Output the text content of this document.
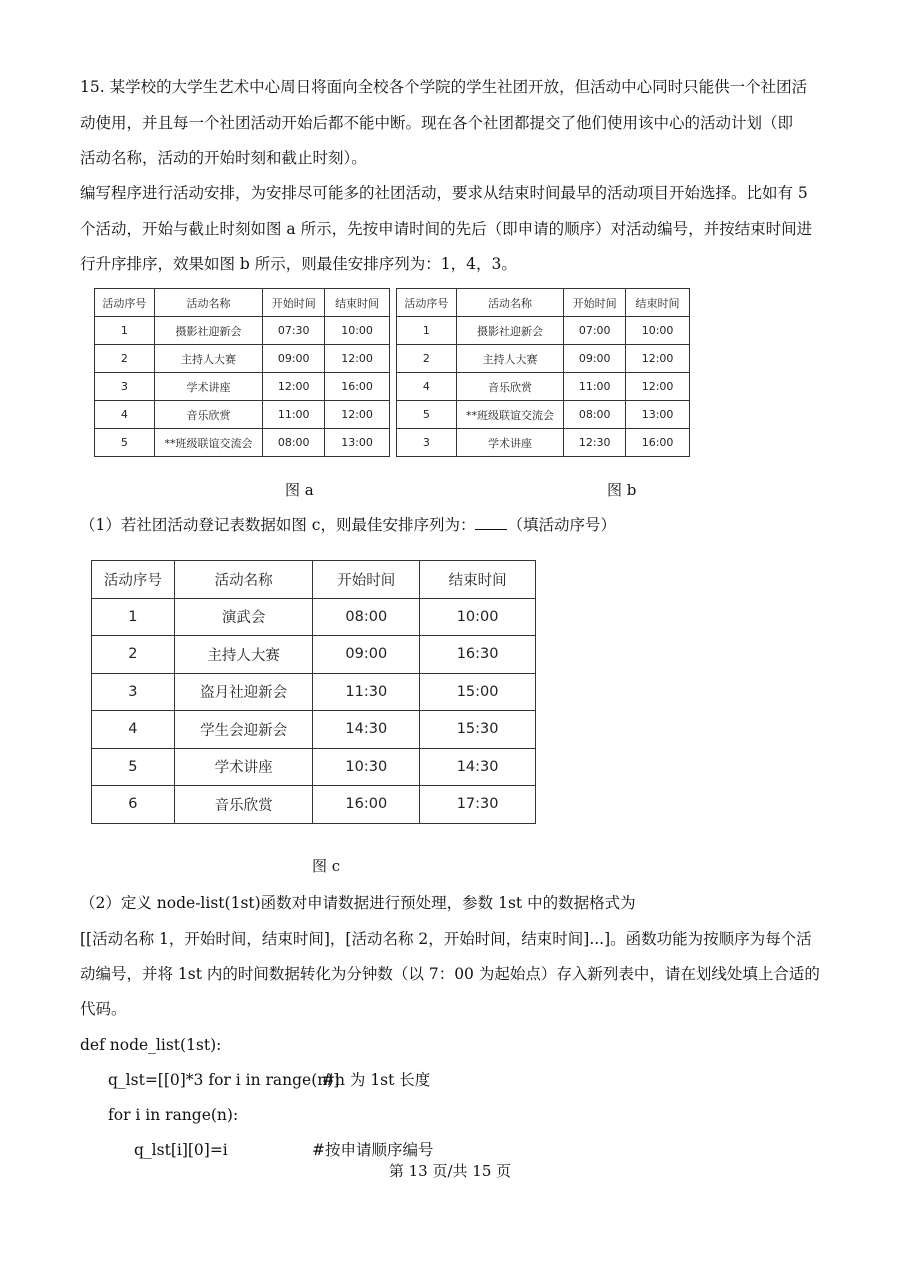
15. 某学校的大学生艺术中心周日将面向全校各个学院的学生社团开放，但活动中心同时只能供一个社团活
动使用，并且每一个社团活动开始后都不能中断。现在各个社团都提交了他们使用该中心的活动计划（即
活动名称，活动的开始时刻和截止时刻）。
编写程序进行活动安排，为安排尽可能多的社团活动，要求从结束时间最早的活动项目开始选择。比如有 5
个活动，开始与截止时刻如图 a 所示，先按申请时间的先后（即申请的顺序）对活动编号，并按结束时间进
行升序排序，效果如图 b 所示，则最佳安排序列为：1，4，3。
活动序号	活动名称	开始时间	结束时间
1	摄影社迎新会	07:30	10:00
2	主持人大赛	09:00	12:00
3	学术讲座	12:00	16:00
4	音乐欣赏	11:00	12:00
5	**班级联谊交流会	08:00	13:00
图 a
活动序号	活动名称	开始时间	结束时间
1	摄影社迎新会	07:00	10:00
2	主持人大赛	09:00	12:00
4	音乐欣赏	11:00	12:00
5	**班级联谊交流会	08:00	13:00
3	学术讲座	12:30	16:00
图 b
（1）若社团活动登记表数据如图 c，则最佳安排序列为： （填活动序号）
活动序号	活动名称	开始时间	结束时间
1	演武会	08:00	10:00
2	主持人大赛	09:00	16:30
3	盗月社迎新会	11:30	15:00
4	学生会迎新会	14:30	15:30
5	学术讲座	10:30	14:30
6	音乐欣赏	16:00	17:30
图 c
（2）定义 node-list(1st)函数对申请数据进行预处理，参数 1st 中的数据格式为
[[活动名称 1，开始时间，结束时间]，[活动名称 2，开始时间，结束时间]...]。函数功能为按顺序为每个活
动编号，并将 1st 内的时间数据转化为分钟数（以 7：00 为起始点）存入新列表中，请在划线处填上合适的
代码。
def node_list(1st):
q_lst=[[0]*3 for i in range(n)]
#n 为 1st 长度
for i in range(n):
q_lst[i][0]=i	#按申请顺序编号
第 13 页/共 15 页
